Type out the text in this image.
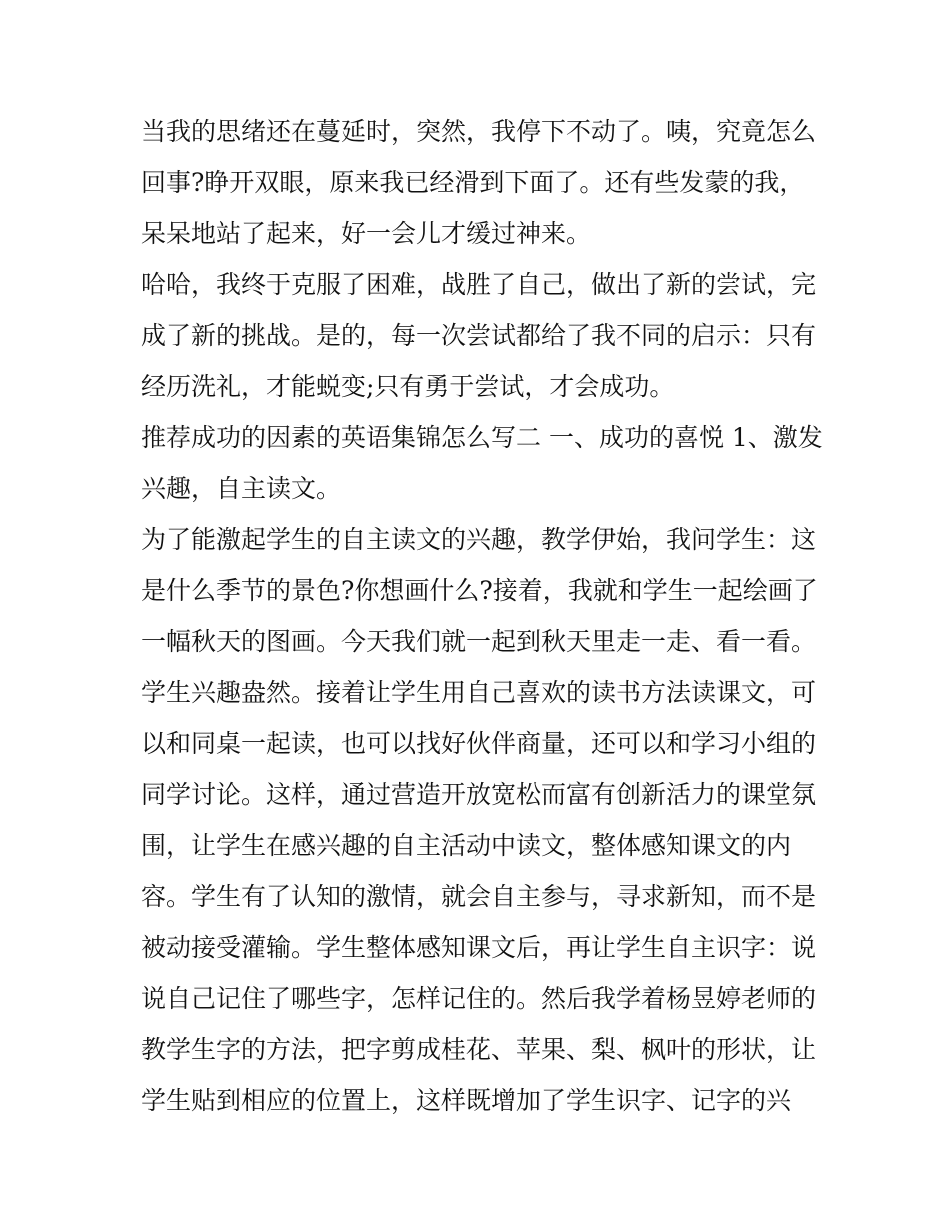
当我的思绪还在蔓延时，突然，我停下不动了。咦，究竟怎么
回事?睁开双眼，原来我已经滑到下面了。还有些发蒙的我，
呆呆地站了起来，好一会儿才缓过神来。
哈哈，我终于克服了困难，战胜了自己，做出了新的尝试，完
成了新的挑战。是的，每一次尝试都给了我不同的启示：只有
经历洗礼，才能蜕变;只有勇于尝试，才会成功。
推荐成功的因素的英语集锦怎么写二 一、成功的喜悦 1、激发
兴趣，自主读文。
为了能激起学生的自主读文的兴趣，教学伊始，我问学生：这
是什么季节的景色?你想画什么?接着，我就和学生一起绘画了
一幅秋天的图画。今天我们就一起到秋天里走一走、看一看。
学生兴趣盎然。接着让学生用自己喜欢的读书方法读课文，可
以和同桌一起读，也可以找好伙伴商量，还可以和学习小组的
同学讨论。这样，通过营造开放宽松而富有创新活力的课堂氛
围，让学生在感兴趣的自主活动中读文，整体感知课文的内
容。学生有了认知的激情，就会自主参与，寻求新知，而不是
被动接受灌输。学生整体感知课文后，再让学生自主识字：说
说自己记住了哪些字，怎样记住的。然后我学着杨昱婷老师的
教学生字的方法，把字剪成桂花、苹果、梨、枫叶的形状，让
学生贴到相应的位置上，这样既增加了学生识字、记字的兴
